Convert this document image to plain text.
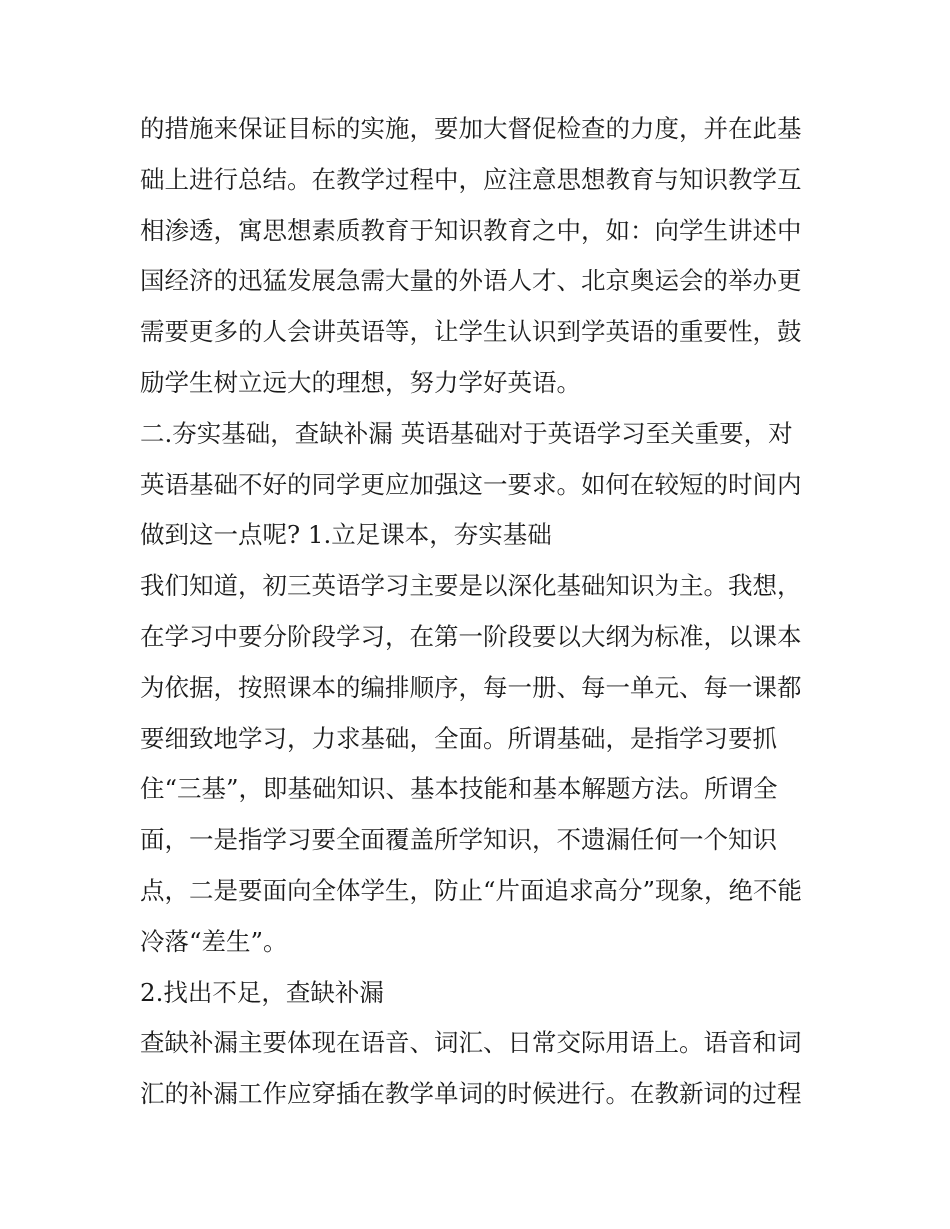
的措施来保证目标的实施，要加大督促检查的力度，并在此基
础上进行总结。在教学过程中，应注意思想教育与知识教学互
相渗透，寓思想素质教育于知识教育之中，如：向学生讲述中
国经济的迅猛发展急需大量的外语人才、北京奥运会的举办更
需要更多的人会讲英语等，让学生认识到学英语的重要性，鼓
励学生树立远大的理想，努力学好英语。
二.夯实基础，查缺补漏 英语基础对于英语学习至关重要，对
英语基础不好的同学更应加强这一要求。如何在较短的时间内
做到这一点呢? 1.立足课本，夯实基础
我们知道，初三英语学习主要是以深化基础知识为主。我想，
在学习中要分阶段学习，在第一阶段要以大纲为标准，以课本
为依据，按照课本的编排顺序，每一册、每一单元、每一课都
要细致地学习，力求基础，全面。所谓基础，是指学习要抓
住“三基”，即基础知识、基本技能和基本解题方法。所谓全
面，一是指学习要全面覆盖所学知识，不遗漏任何一个知识
点，二是要面向全体学生，防止“片面追求高分”现象，绝不能
冷落“差生”。
2.找出不足，查缺补漏
查缺补漏主要体现在语音、词汇、日常交际用语上。语音和词
汇的补漏工作应穿插在教学单词的时候进行。在教新词的过程
